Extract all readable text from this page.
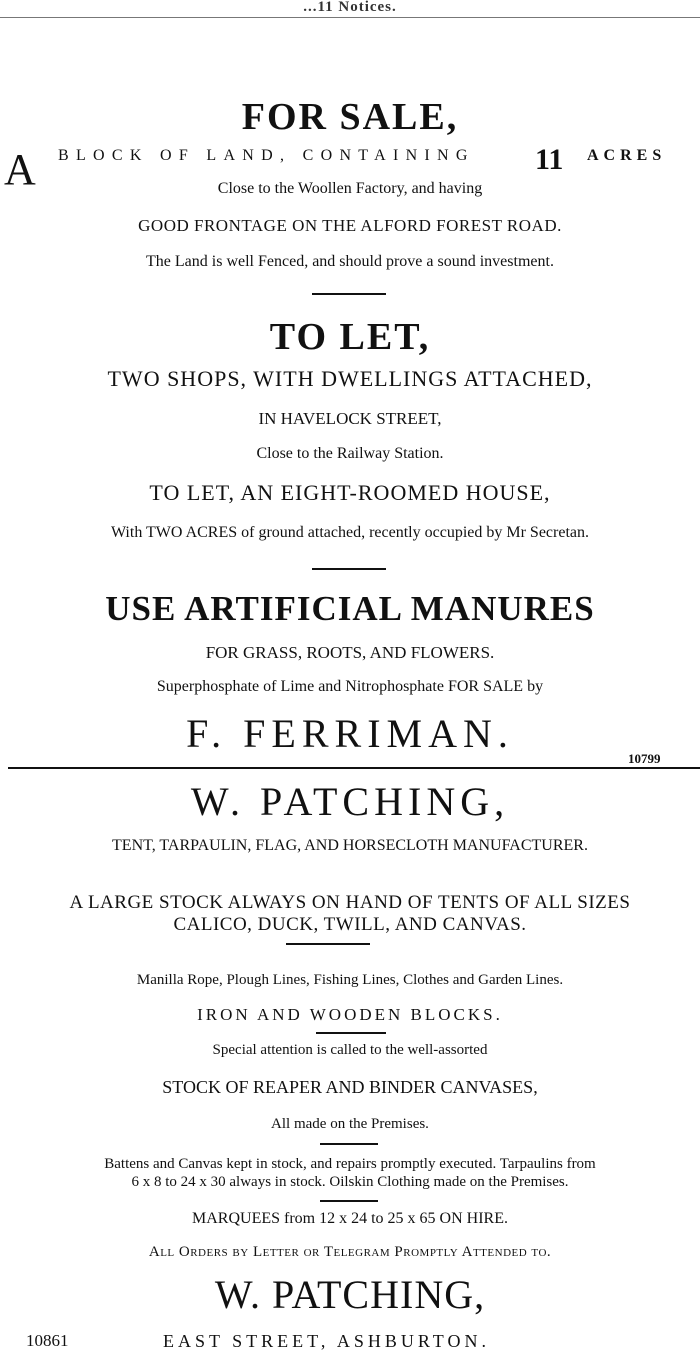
...11 Notices.
FOR SALE,
A BLOCK OF LAND, CONTAINING 11 ACRES
Close to the Woollen Factory, and having
GOOD FRONTAGE ON THE ALFORD FOREST ROAD.
The Land is well Fenced, and should prove a sound investment.
TO LET,
TWO SHOPS, WITH DWELLINGS ATTACHED,
IN HAVELOCK STREET,
Close to the Railway Station.
TO LET, AN EIGHT-ROOMED HOUSE,
With TWO ACRES of ground attached, recently occupied by Mr Secretan.
USE ARTIFICIAL MANURES
FOR GRASS, ROOTS, AND FLOWERS.
Superphosphate of Lime and Nitrophosphate FOR SALE by
F. FERRIMAN.
10799
W. PATCHING,
TENT, TARPAULIN, FLAG, AND HORSECLOTH MANUFACTURER.
A LARGE STOCK ALWAYS ON HAND OF TENTS OF ALL SIZES
CALICO, DUCK, TWILL, AND CANVAS.
Manilla Rope, Plough Lines, Fishing Lines, Clothes and Garden Lines.
IRON AND WOODEN BLOCKS.
Special attention is called to the well-assorted
STOCK OF REAPER AND BINDER CANVASES,
All made on the Premises.
Battens and Canvas kept in stock, and repairs promptly executed. Tarpaulins from
6 x 8 to 24 x 30 always in stock. Oilskin Clothing made on the Premises.
MARQUEES from 12 x 24 to 25 x 65 ON HIRE.
All Orders by Letter or Telegram Promptly Attended to.
W. PATCHING,
10861	EAST STREET, ASHBURTON.
